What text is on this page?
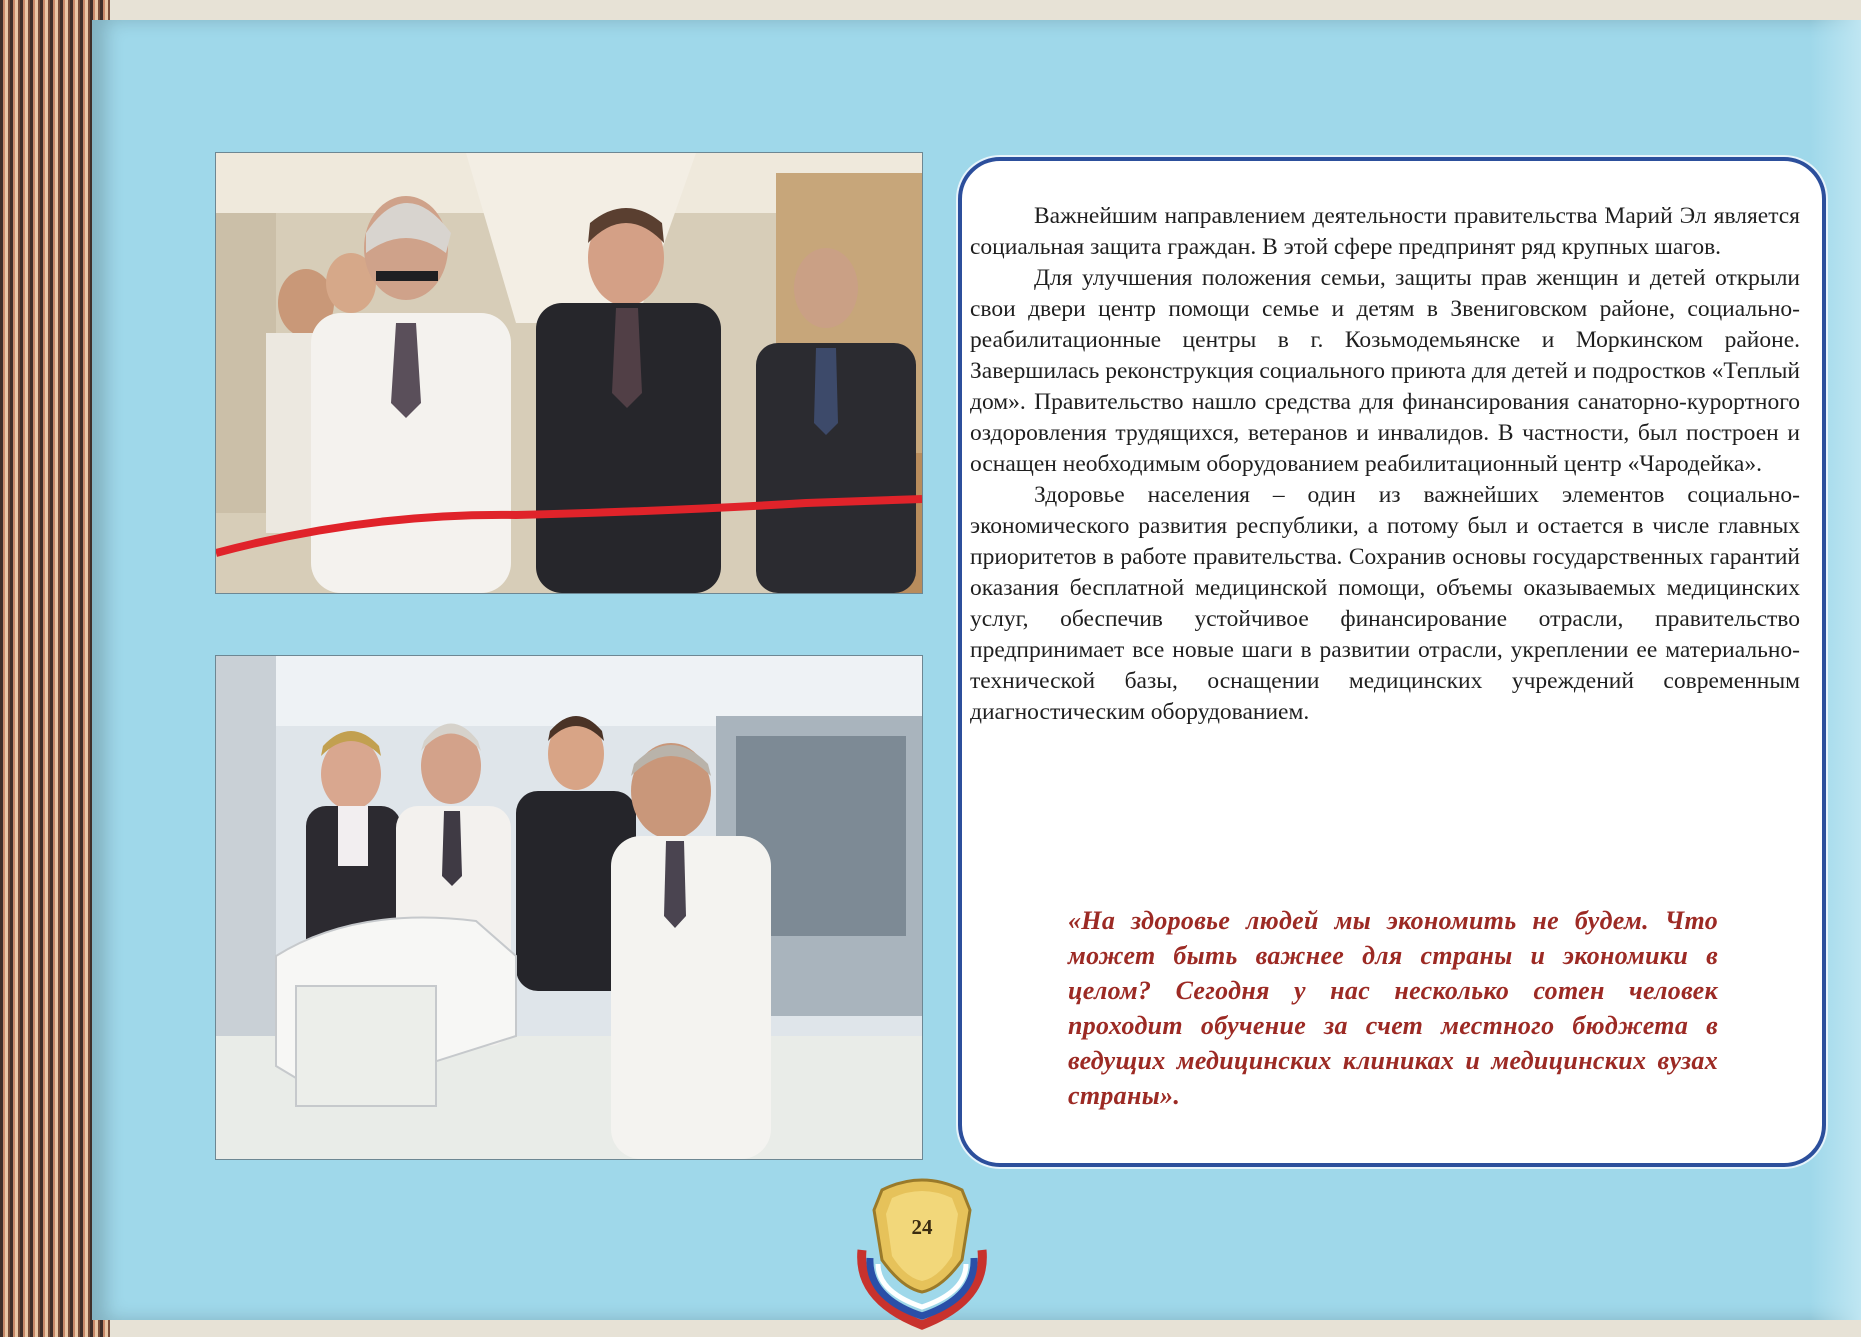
Важнейшим направлением деятельности правительства Марий Эл является социальная защита граждан. В этой сфере предпринят ряд крупных шагов.

Для улучшения положения семьи, защиты прав женщин и детей открыли свои двери центр помощи семье и детям в Звениговском районе, социально-реабилитационные центры в г. Козьмодемьянске и Моркинском районе. Завершилась реконструкция социального приюта для детей и подростков «Теплый дом». Правительство нашло средства для финансирования санаторно-курортного оздоровления трудящихся, ветеранов и инвалидов. В частности, был построен и оснащен необходимым оборудованием реабилитационный центр «Чародейка».

Здоровье населения – один из важнейших элементов социально-экономического развития республики, а потому был и остается в числе главных приоритетов в работе правительства. Сохранив основы государственных гарантий оказания бесплатной медицинской помощи, объемы оказываемых медицинских услуг, обеспечив устойчивое финансирование отрасли, правительство предпринимает все новые шаги в развитии отрасли, укреплении ее материально-технической базы, оснащении медицинских учреждений современным диагностическим оборудованием.

«На здоровье людей мы экономить не будем. Что может быть важнее для страны и экономики в целом? Сегодня у нас несколько сотен человек проходит обучение за счет местного бюджета в ведущих медицинских клиниках и медицинских вузах страны».
24
